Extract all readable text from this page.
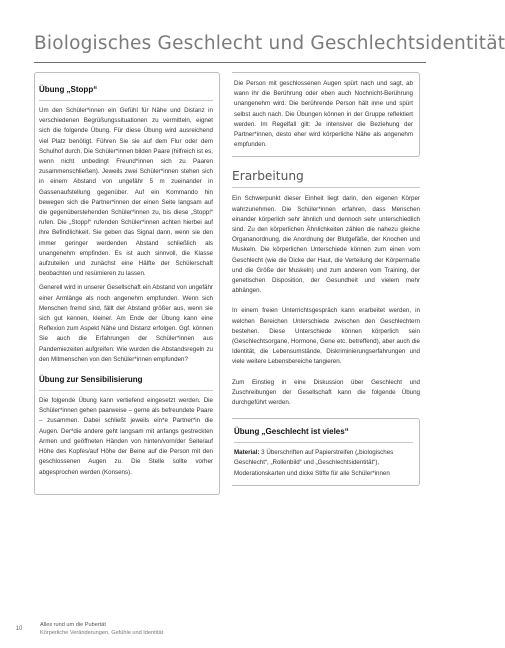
Biologisches Geschlecht und Geschlechtsidentität
Übung „Stopp“

Um den Schüler*innen ein Gefühl für Nähe und Distanz in verschiedenen Begrüßungssituationen zu vermitteln, eignet sich die folgende Übung. Für diese Übung wird ausreichend viel Platz benötigt. Führen Sie sie auf dem Flur oder dem Schulhof durch. Die Schüler*innen bilden Paare (hilfreich ist es, wenn nicht unbedingt Freund*innen sich zu Paaren zusammenschließen). Jeweils zwei Schüler*innen stehen sich in einem Abstand von ungefähr 5 m zueinander in Gassenaufstellung gegenüber. Auf ein Kommando hin bewegen sich die Partner*innen der einen Seite langsam auf die gegenüberstehenden Schüler*innen zu, bis diese „Stopp!“ rufen. Die „Stopp!“ rufenden Schüler*innen achten hierbei auf ihre Befindlichkeit. Sie geben das Signal dann, wenn sie den immer geringer werdenden Abstand schließlich als unangenehm empfinden. Es ist auch sinnvoll, die Klasse aufzuteilen und zunächst eine Hälfte der Schülerschaft beobachten und resümieren zu lassen.

Generell wird in unserer Gesellschaft ein Abstand von ungefähr einer Armlänge als noch angenehm empfunden. Wenn sich Menschen fremd sind, fällt der Abstand größer aus, wenn sie sich gut kennen, kleiner. Am Ende der Übung kann eine Reflexion zum Aspekt Nähe und Distanz erfolgen. Ggf. können Sie auch die Erfahrungen der Schüler*innen aus Pandemiezeiten aufgreifen: Wie wurden die Abstandsregeln zu den Mitmenschen von den Schüler*innen empfunden?

Übung zur Sensibilisierung

Die folgende Übung kann vertiefend eingesetzt werden. Die Schüler*innen gehen paarweise – gerne als befreundete Paare – zusammen. Dabei schließt jeweils ein*e Partner*in die Augen. Der*die andere geht langsam mit anfangs gestreckten Armen und geöffneten Händen von hinten/vorn/der Seite/auf Höhe des Kopfes/auf Höhe der Beine auf die Person mit den geschlossenen Augen zu. Die Stelle sollte vorher abgesprochen werden (Konsens).

Die Person mit geschlossenen Augen spürt nach und sagt, ab wann ihr die Berührung oder eben auch Nochnicht-Berührung unangenehm wird. Die berührende Person hält inne und spürt selbst auch nach. Die Übungen können in der Gruppe reflektiert werden. Im Regelfall gilt: Je intensiver die Beziehung der Partner*innen, desto eher wird körperliche Nähe als angenehm empfunden.

Erarbeitung

Ein Schwerpunkt dieser Einheit liegt darin, den eigenen Körper wahrzunehmen. Die Schüler*innen erfahren, dass Menschen einander körperlich sehr ähnlich und dennoch sehr unterschiedlich sind. Zu den körperlichen Ähnlichkeiten zählen die nahezu gleiche Organanordnung, die Anordnung der Blutgefäße, der Knochen und Muskeln. Die körperlichen Unterschiede können zum einen vom Geschlecht (wie die Dicke der Haut, die Verteilung der Körpermaße und die Größe der Muskeln) und zum anderen vom Training, der genetischen Disposition, der Gesundheit und vielem mehr abhängen.

In einem freien Unterrichtsgespräch kann erarbeitet werden, in welchen Bereichen Unterschiede zwischen den Geschlechtern bestehen. Diese Unterschiede können körperlich sein (Geschlechtsorgane, Hormone, Gene etc. betreffend), aber auch die Identität, die Lebensumstände, Diskriminierungserfahrungen und viele weitere Lebensbereiche tangieren.

Zum Einstieg in eine Diskussion über Geschlecht und Zuschreibungen der Gesellschaft kann die folgende Übung durchgeführt werden.

Übung „Geschlecht ist vieles“
Material: 3 Überschriften auf Papierstreifen („biologisches Geschlecht“, „Rollenbild“ und „Geschlechtsidentität“), Moderationskarten und dicke Stifte für alle Schüler*innen
10
Alles rund um die Pubertät
Körperliche Veränderungen, Gefühle und Identität
